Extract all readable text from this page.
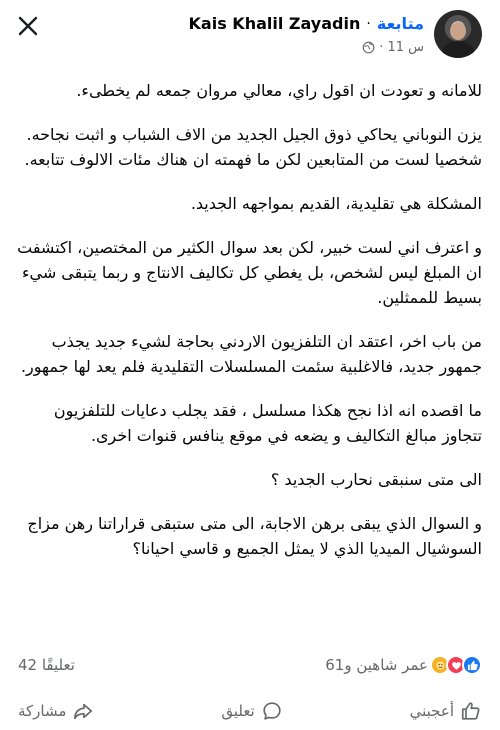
Kais Khalil Zayadin · متابعة
11 س
·

للامانه و تعودت ان اقول راي، معالي مروان جمعه لم يخطىء.

يزن النوباني يحاكي ذوق الجيل الجديد من الاف الشباب و اثبت نجاحه. شخصيا لست من المتابعين لكن ما فهمته ان هناك مئات الالوف تتابعه.

المشكلة هي تقليدية، القديم بمواجهه الجديد.

و اعترف اني لست خبير، لكن بعد سوال الكثير من المختصين، اكتشفت ان المبلغ ليس لشخص، بل يغطي كل تكاليف الانتاج و ربما يتبقى شيء بسيط للممثلين.

من باب اخر، اعتقد ان التلفزيون الاردني بحاجة لشيء جديد يجذب جمهور جديد، فالاغلبية سئمت المسلسلات التقليدية فلم يعد لها جمهور.

ما اقصده انه اذا نجح هكذا مسلسل ، فقد يجلب دعايات للتلفزيون تتجاوز مبالغ التكاليف و يضعه في موقع ينافس قنوات اخرى.

الى متى سنبقى نحارب الجديد ؟

و السوال الذي يبقى برهن الاجابة، الى متى ستبقى قراراتنا رهن مزاج السوشيال الميديا الذي لا يمثل الجميع و قاسي احيانا؟

42 تعليقًا	عمر شاهين و61
مشاركة	تعليق	أعجبني
